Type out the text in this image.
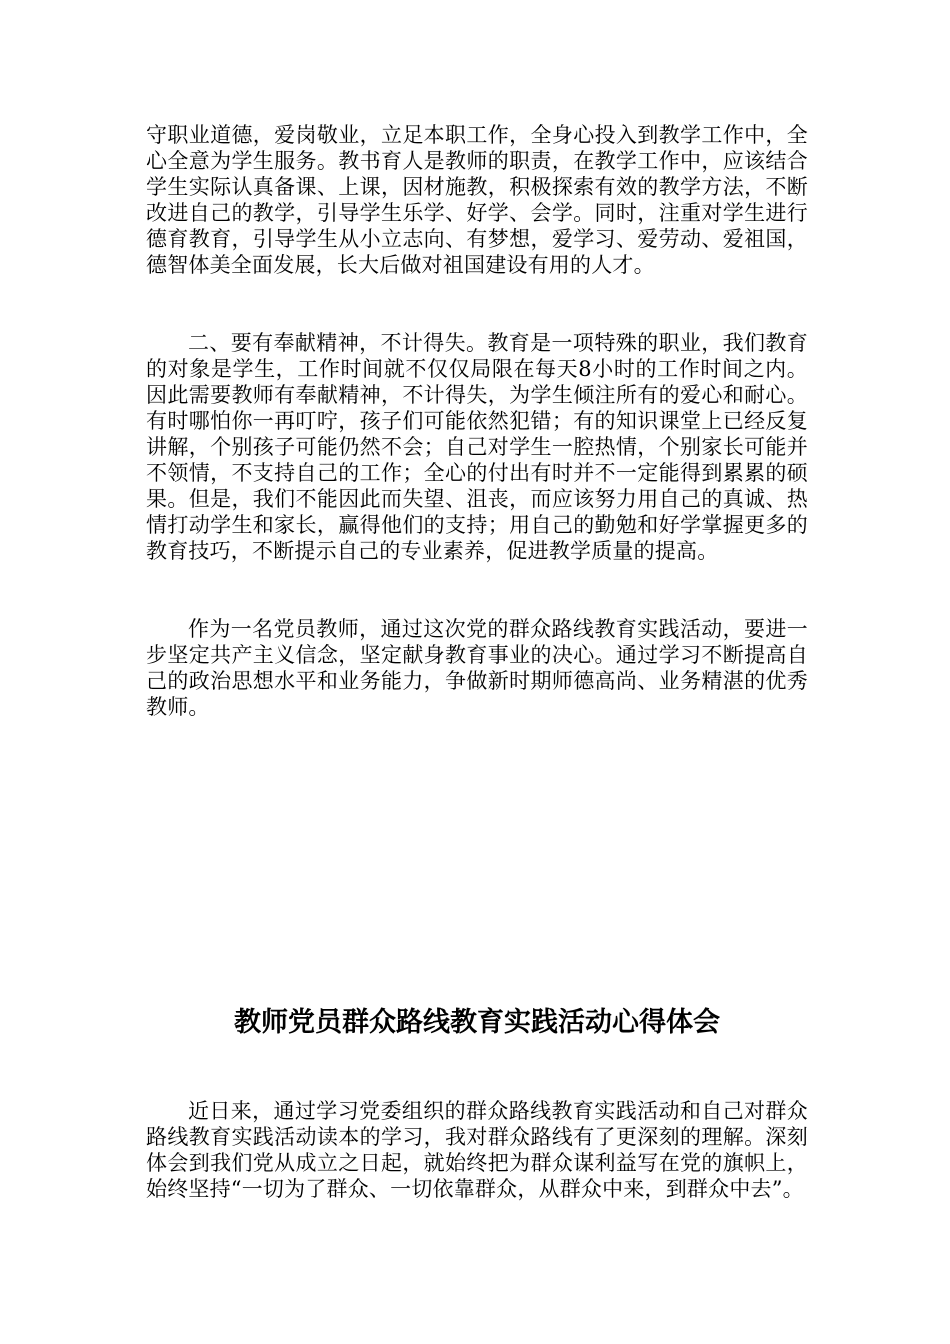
守职业道德，爱岗敬业，立足本职工作，全身心投入到教学工作中，全心全意为学生服务。教书育人是教师的职责，在教学工作中，应该结合学生实际认真备课、上课，因材施教，积极探索有效的教学方法，不断改进自己的教学，引导学生乐学、好学、会学。同时，注重对学生进行德育教育，引导学生从小立志向、有梦想，爱学习、爱劳动、爱祖国，德智体美全面发展，长大后做对祖国建设有用的人才。

二、要有奉献精神，不计得失。教育是一项特殊的职业，我们教育的对象是学生，工作时间就不仅仅局限在每天8小时的工作时间之内。因此需要教师有奉献精神，不计得失，为学生倾注所有的爱心和耐心。有时哪怕你一再叮咛，孩子们可能依然犯错；有的知识课堂上已经反复讲解，个别孩子可能仍然不会；自己对学生一腔热情，个别家长可能并不领情，不支持自己的工作；全心的付出有时并不一定能得到累累的硕果。但是，我们不能因此而失望、沮丧，而应该努力用自己的真诚、热情打动学生和家长，赢得他们的支持；用自己的勤勉和好学掌握更多的教育技巧，不断提示自己的专业素养，促进教学质量的提高。

作为一名党员教师，通过这次党的群众路线教育实践活动，要进一步坚定共产主义信念，坚定献身教育事业的决心。通过学习不断提高自己的政治思想水平和业务能力，争做新时期师德高尚、业务精湛的优秀教师。

教师党员群众路线教育实践活动心得体会

近日来，通过学习党委组织的群众路线教育实践活动和自己对群众路线教育实践活动读本的学习，我对群众路线有了更深刻的理解。深刻体会到我们党从成立之日起，就始终把为群众谋利益写在党的旗帜上，始终坚持“一切为了群众、一切依靠群众，从群众中来，到群众中去”。
